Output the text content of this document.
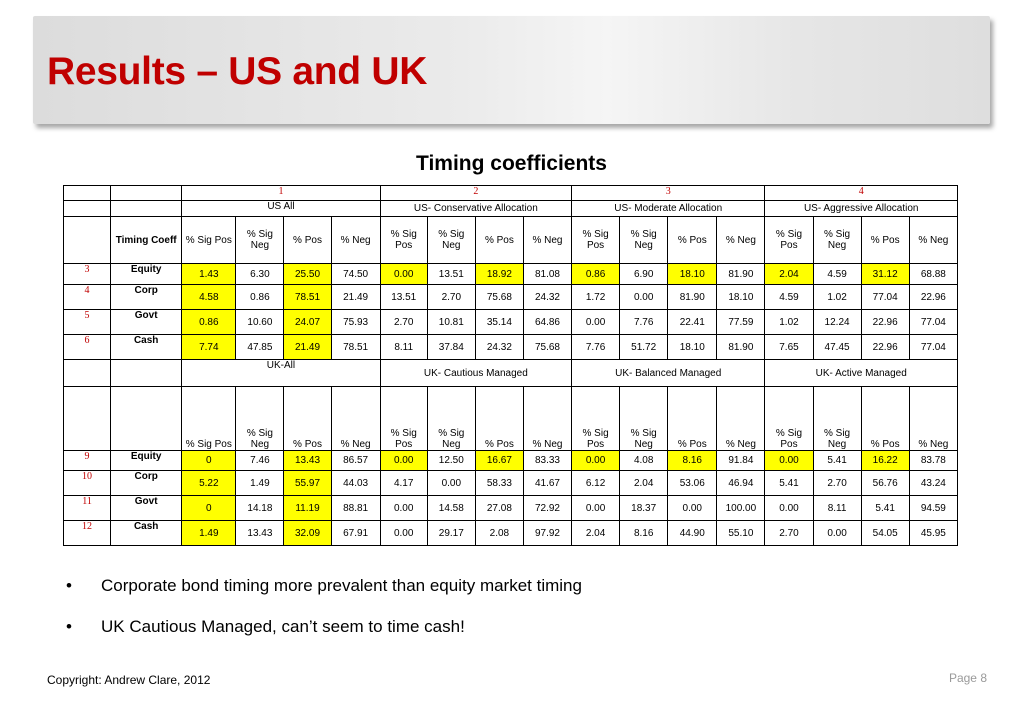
Results – US and UK
Timing coefficients
		1				2				3				4			
		US All				US- Conservative Allocation				US- Moderate Allocation				US- Aggressive Allocation			
	Timing Coeff	% Sig Pos	% Sig Neg	% Pos	% Neg	% Sig Pos	% Sig Neg	% Pos	% Neg	% Sig Pos	% Sig Neg	% Pos	% Neg	% Sig Pos	% Sig Neg	% Pos	% Neg
3	Equity	1.43	6.30	25.50	74.50	0.00	13.51	18.92	81.08	0.86	6.90	18.10	81.90	2.04	4.59	31.12	68.88
4	Corp	4.58	0.86	78.51	21.49	13.51	2.70	75.68	24.32	1.72	0.00	81.90	18.10	4.59	1.02	77.04	22.96
5	Govt	0.86	10.60	24.07	75.93	2.70	10.81	35.14	64.86	0.00	7.76	22.41	77.59	1.02	12.24	22.96	77.04
6	Cash	7.74	47.85	21.49	78.51	8.11	37.84	24.32	75.68	7.76	51.72	18.10	81.90	7.65	47.45	22.96	77.04
		UK-All				UK- Cautious Managed				UK- Balanced Managed				UK- Active Managed			
		% Sig Pos	% Sig Neg	% Pos	% Neg	% Sig Pos	% Sig Neg	% Pos	% Neg	% Sig Pos	% Sig Neg	% Pos	% Neg	% Sig Pos	% Sig Neg	% Pos	% Neg
9	Equity	0	7.46	13.43	86.57	0.00	12.50	16.67	83.33	0.00	4.08	8.16	91.84	0.00	5.41	16.22	83.78
10	Corp	5.22	1.49	55.97	44.03	4.17	0.00	58.33	41.67	6.12	2.04	53.06	46.94	5.41	2.70	56.76	43.24
11	Govt	0	14.18	11.19	88.81	0.00	14.58	27.08	72.92	0.00	18.37	0.00	100.00	0.00	8.11	5.41	94.59
12	Cash	1.49	13.43	32.09	67.91	0.00	29.17	2.08	97.92	2.04	8.16	44.90	55.10	2.70	0.00	54.05	45.95
• Corporate bond timing more prevalent than equity market timing
• UK Cautious Managed, can’t seem to time cash!
Copyright: Andrew Clare, 2012	Page 8
